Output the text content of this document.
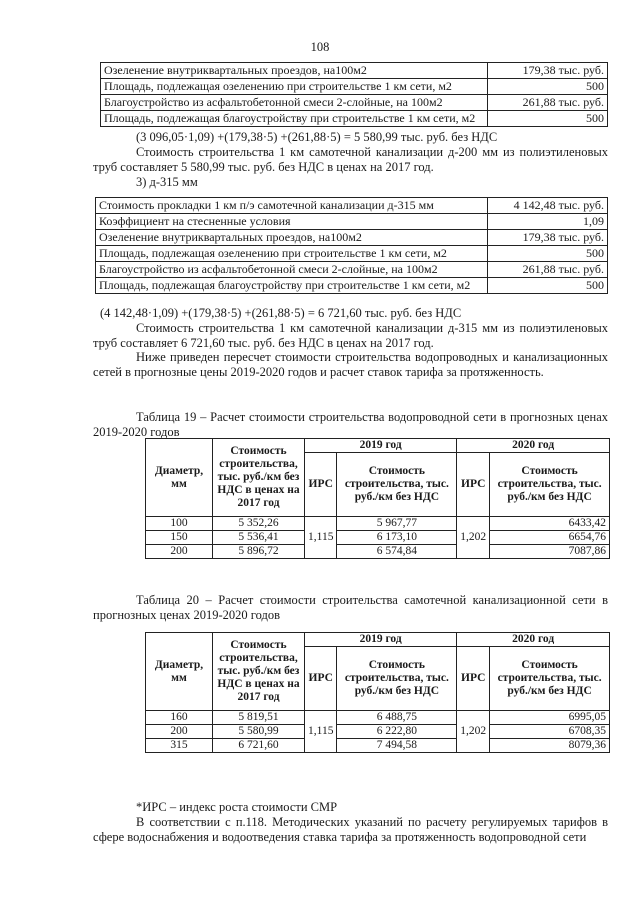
108
Озеленение внутриквартальных проездов, на100м2	179,38 тыс. руб.
Площадь, подлежащая озеленению при строительстве 1 км сети, м2	500
Благоустройство из асфальтобетонной смеси 2-слойные, на 100м2	261,88 тыс. руб.
Площадь, подлежащая благоустройству при строительстве 1 км сети, м2	500
(3 096,05·1,09) +(179,38·5) +(261,88·5) = 5 580,99 тыс. руб. без НДС
Стоимость строительства 1 км самотечной канализации д-200 мм из полиэтиленовых
труб составляет 5 580,99 тыс. руб. без НДС в ценах на 2017 год.
3) д-315 мм
Стоимость прокладки 1 км п/э самотечной канализации д-315 мм	4 142,48 тыс. руб.
Коэффициент на стесненные условия	1,09
Озеленение внутриквартальных проездов, на100м2	179,38 тыс. руб.
Площадь, подлежащая озеленению при строительстве 1 км сети, м2	500
Благоустройство из асфальтобетонной смеси 2-слойные, на 100м2	261,88 тыс. руб.
Площадь, подлежащая благоустройству при строительстве 1 км сети, м2	500
(4 142,48·1,09) +(179,38·5) +(261,88·5) = 6 721,60 тыс. руб. без НДС
Стоимость строительства 1 км самотечной канализации д-315 мм из полиэтиленовых
труб составляет 6 721,60 тыс. руб. без НДС в ценах на 2017 год.
Ниже приведен пересчет стоимости строительства водопроводных и канализационных сетей в прогнозные цены 2019-2020 годов и расчет ставок тарифа за протяженность.
Таблица 19 – Расчет стоимости строительства водопроводной сети в прогнозных ценах 2019-2020 годов
Диаметр, мм	Стоимость строительства, тыс. руб./км без НДС в ценах на 2017 год	2019 год		2020 год	
		ИРС	Стоимость строительства, тыс. руб./км без НДС	ИРС	Стоимость строительства, тыс. руб./км без НДС
100	5 352,26	1,115	5 967,77	1,202	6433,42
150	5 536,41		6 173,10		6654,76
200	5 896,72		6 574,84		7087,86
Таблица 20 – Расчет стоимости строительства самотечной канализационной сети в прогнозных ценах 2019-2020 годов
Диаметр, мм	Стоимость строительства, тыс. руб./км без НДС в ценах на 2017 год	2019 год		2020 год	
		ИРС	Стоимость строительства, тыс. руб./км без НДС	ИРС	Стоимость строительства, тыс. руб./км без НДС
160	5 819,51	1,115	6 488,75	1,202	6995,05
200	5 580,99		6 222,80		6708,35
315	6 721,60		7 494,58		8079,36
*ИРС – индекс роста стоимости СМР
В соответствии с п.118. Методических указаний по расчету регулируемых тарифов в сфере водоснабжения и водоотведения ставка тарифа за протяженность водопроводной сети
